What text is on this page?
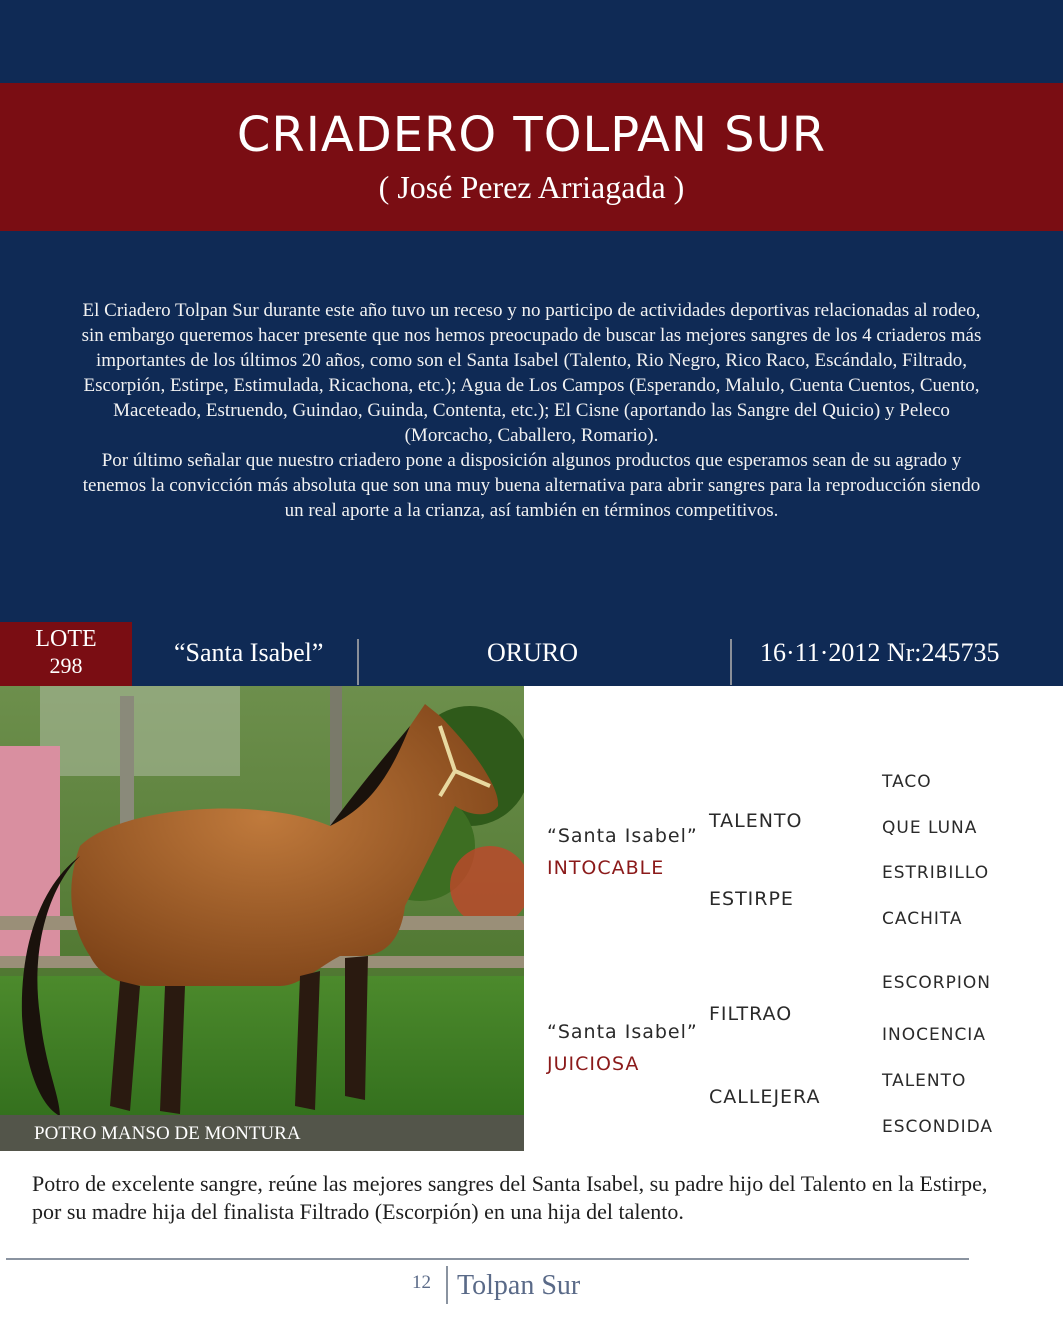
CRIADERO TOLPAN SUR
( José Perez Arriagada )

El Criadero Tolpan Sur durante este año tuvo un receso y no participo de actividades deportivas relacionadas al rodeo, sin embargo queremos hacer presente que nos hemos preocupado de buscar las mejores sangres de los 4 criaderos más importantes de los últimos 20 años, como son el Santa Isabel (Talento, Rio Negro, Rico Raco, Escándalo, Filtrado, Escorpión, Estirpe, Estimulada, Ricachona, etc.); Agua de Los Campos (Esperando, Malulo, Cuenta Cuentos, Cuento, Maceteado, Estruendo, Guindao, Guinda, Contenta, etc.); El Cisne (aportando las Sangre del Quicio) y Peleco (Morcacho, Caballero, Romario).

Por último señalar que nuestro criadero pone a disposición algunos productos que esperamos sean de su agrado y tenemos la convicción más absoluta que son una muy buena alternativa para abrir sangres para la reproducción siendo un real aporte a la crianza, así también en términos competitivos.

LOTE
298	“Santa Isabel”	ORURO	16·11·2012 Nr:245735
POTRO MANSO DE MONTURA
“Santa Isabel”
INTOCABLE
TALENTO
ESTIRPE
TACO
QUE LUNA
ESTRIBILLO
CACHITA
“Santa Isabel”
JUICIOSA
FILTRAO
CALLEJERA
ESCORPION
INOCENCIA
TALENTO
ESCONDIDA
Potro de excelente sangre, reúne las mejores sangres del Santa Isabel, su padre hijo del Talento en la Estirpe, por su madre hija del finalista Filtrado (Escorpión) en una hija del talento.
12 Tolpan Sur
